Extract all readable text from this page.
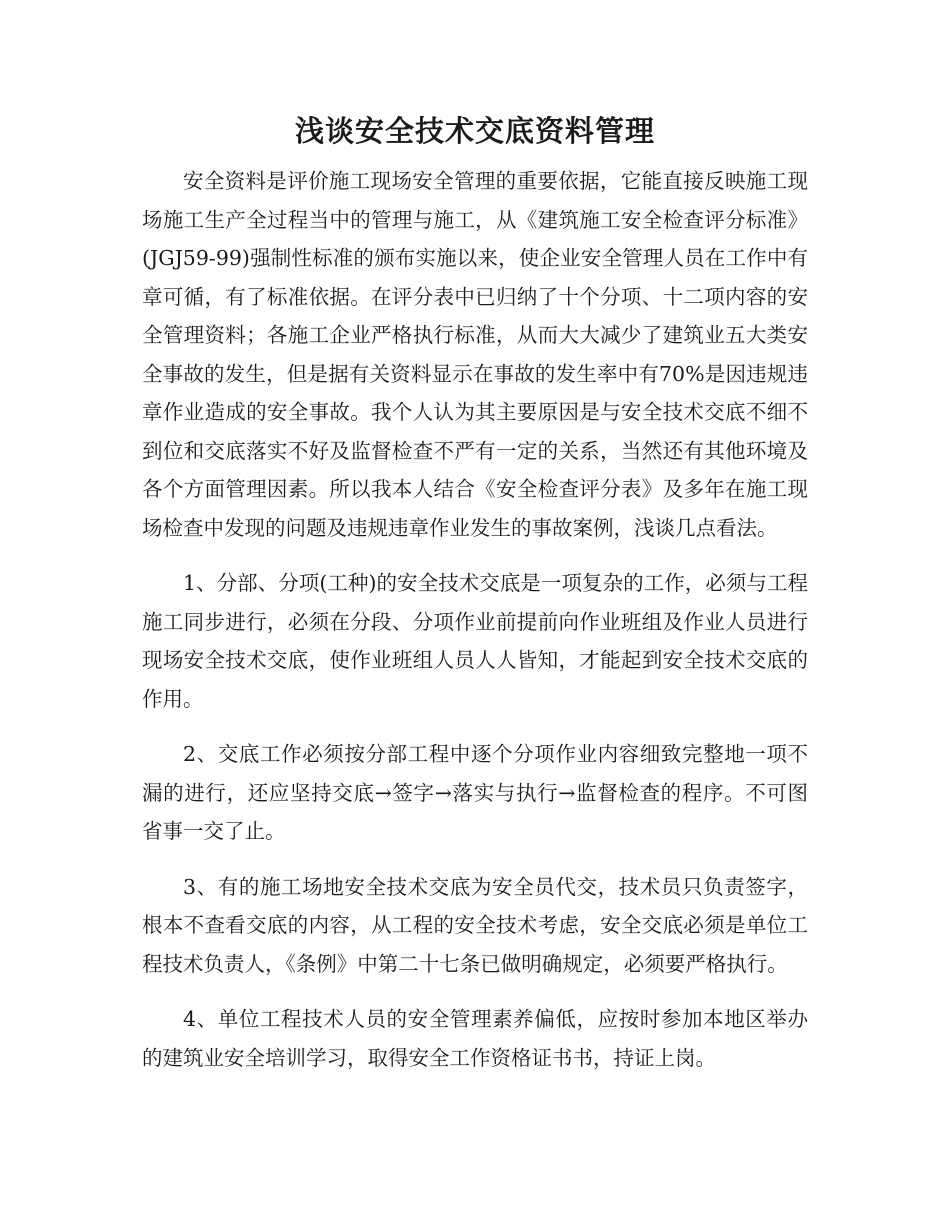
浅谈安全技术交底资料管理

安全资料是评价施工现场安全管理的重要依据，它能直接反映施工现场施工生产全过程当中的管理与施工，从《建筑施工安全检查评分标准》(JGJ59-99)强制性标准的颁布实施以来，使企业安全管理人员在工作中有章可循，有了标准依据。在评分表中已归纳了十个分项、十二项内容的安全管理资料；各施工企业严格执行标准，从而大大减少了建筑业五大类安全事故的发生，但是据有关资料显示在事故的发生率中有70%是因违规违章作业造成的安全事故。我个人认为其主要原因是与安全技术交底不细不到位和交底落实不好及监督检查不严有一定的关系，当然还有其他环境及各个方面管理因素。所以我本人结合《安全检查评分表》及多年在施工现场检查中发现的问题及违规违章作业发生的事故案例，浅谈几点看法。

1、分部、分项(工种)的安全技术交底是一项复杂的工作，必须与工程施工同步进行，必须在分段、分项作业前提前向作业班组及作业人员进行现场安全技术交底，使作业班组人员人人皆知，才能起到安全技术交底的作用。

2、交底工作必须按分部工程中逐个分项作业内容细致完整地一项不漏的进行，还应坚持交底→签字→落实与执行→监督检查的程序。不可图省事一交了止。

3、有的施工场地安全技术交底为安全员代交，技术员只负责签字，根本不查看交底的内容，从工程的安全技术考虑，安全交底必须是单位工程技术负责人，《条例》中第二十七条已做明确规定，必须要严格执行。

4、单位工程技术人员的安全管理素养偏低，应按时参加本地区举办的建筑业安全培训学习，取得安全工作资格证书书，持证上岗。
